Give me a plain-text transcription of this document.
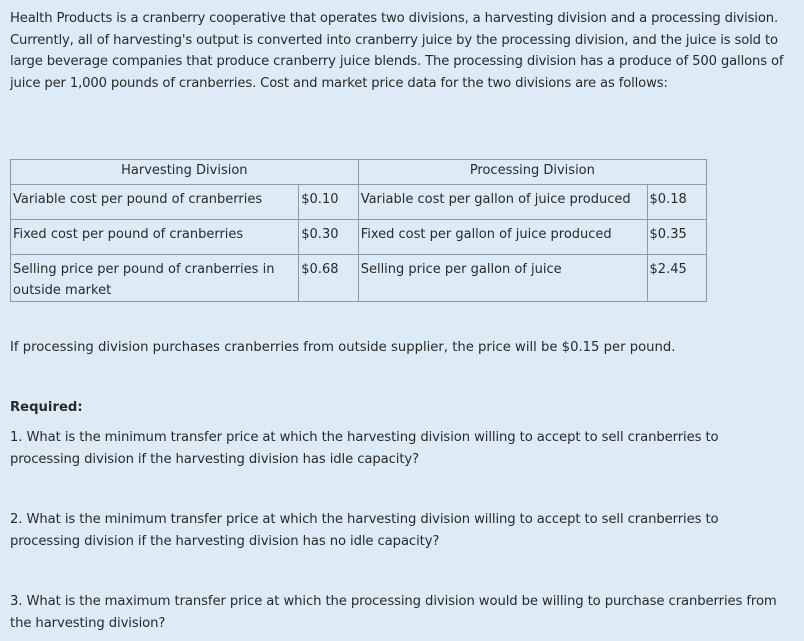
Health Products is a cranberry cooperative that operates two divisions, a harvesting division and a processing division. Currently, all of harvesting's output is converted into cranberry juice by the processing division, and the juice is sold to large beverage companies that produce cranberry juice blends. The processing division has a produce of 500 gallons of juice per 1,000 pounds of cranberries. Cost and market price data for the two divisions are as follows:

Harvesting Division		Processing Division	
Variable cost per pound of cranberries	$0.10	Variable cost per gallon of juice produced	$0.18
Fixed cost per pound of cranberries	$0.30	Fixed cost per gallon of juice produced	$0.35
Selling price per pound of cranberries in outside market	$0.68	Selling price per gallon of juice	$2.45

If processing division purchases cranberries from outside supplier, the price will be $0.15 per pound.

Required:

1. What is the minimum transfer price at which the harvesting division willing to accept to sell cranberries to processing division if the harvesting division has idle capacity?

2. What is the minimum transfer price at which the harvesting division willing to accept to sell cranberries to processing division if the harvesting division has no idle capacity?

3. What is the maximum transfer price at which the processing division would be willing to purchase cranberries from the harvesting division?
